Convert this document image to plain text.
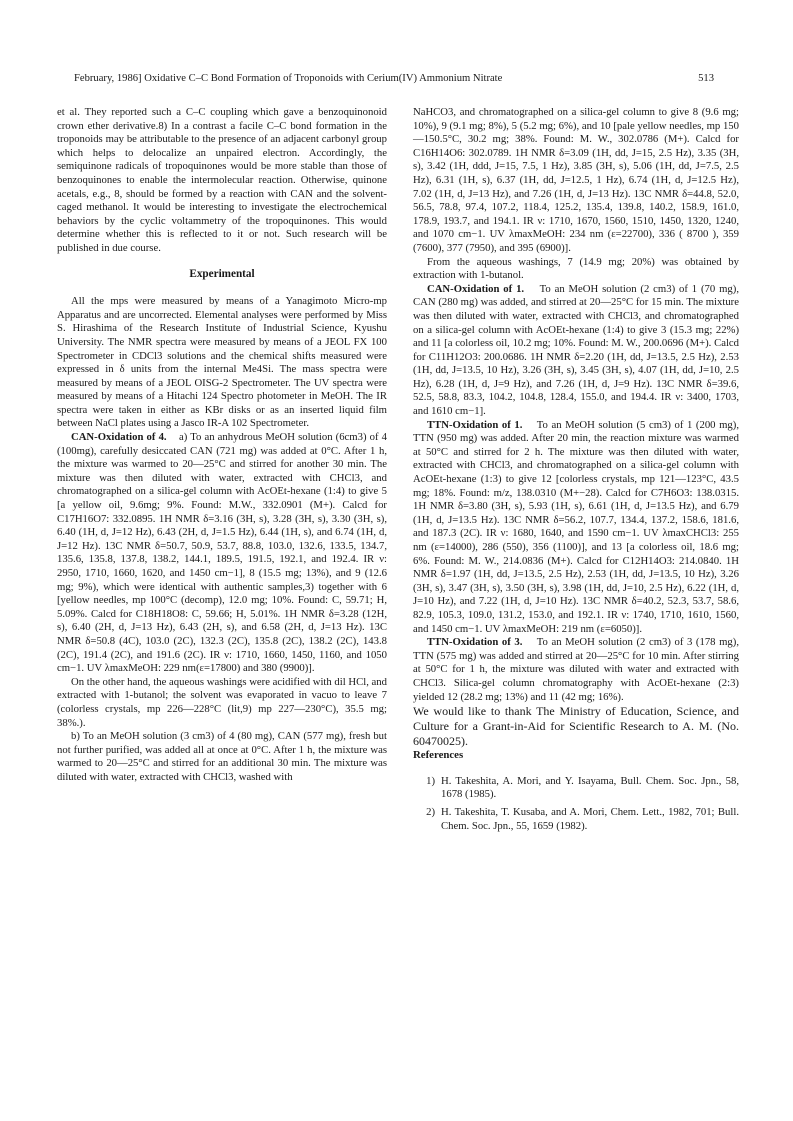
February, 1986] Oxidative C–C Bond Formation of Troponoids with Cerium(IV) Ammonium Nitrate	513

et al. They reported such a C–C coupling which gave a benzoquinonoid crown ether derivative.8) In a contrast a facile C–C bond formation in the troponoids may be attributable to the presence of an adjacent carbonyl group which helps to delocalize an unpaired electron. Accordingly, the semiquinone radicals of tropoquinones would be more stable than those of benzoquinones to enable the intermolecular reaction. Otherwise, quinone acetals, e.g., 8, should be formed by a reaction with CAN and the solvent-caged methanol. It would be interesting to investigate the electrochemical behaviors by the cyclic voltammetry of the tropoquinones. This would determine whether this is reflected to it or not. Such research will be published in due course.

Experimental

All the mps were measured by means of a Yanagimoto Micro-mp Apparatus and are uncorrected. Elemental analyses were performed by Miss S. Hirashima of the Research Institute of Industrial Science, Kyushu University. The NMR spectra were measured by means of a JEOL FX 100 Spectrometer in CDCl3 solutions and the chemical shifts measured were expressed in δ units from the internal Me4Si. The mass spectra were measured by means of a JEOL OISG-2 Spectrometer. The UV spectra were measured by means of a Hitachi 124 Spectro photometer in MeOH. The IR spectra were taken in either as KBr disks or as an inserted liquid film between NaCl plates using a Jasco IR-A 102 Spectrometer.

CAN-Oxidation of 4. a) To an anhydrous MeOH solution (6cm3) of 4 (100mg), carefully desiccated CAN (721 mg) was added at 0°C. After 1 h, the mixture was warmed to 20—25°C and stirred for another 30 min. The mixture was then diluted with water, extracted with CHCl3, and chromatographed on a silica-gel column with AcOEt-hexane (1:4) to give 5 [a yellow oil, 9.6mg; 9%. Found: M.W., 332.0901 (M+). Calcd for C17H16O7: 332.0895. 1H NMR δ=3.16 (3H, s), 3.28 (3H, s), 3.30 (3H, s), 6.40 (1H, d, J=12 Hz), 6.43 (2H, d, J=1.5 Hz), 6.44 (1H, s), and 6.74 (1H, d, J=12 Hz). 13C NMR δ=50.7, 50.9, 53.7, 88.8, 103.0, 132.6, 133.5, 134.7, 135.6, 135.8, 137.8, 138.2, 144.1, 189.5, 191.5, 192.1, and 192.4. IR ν: 2950, 1710, 1660, 1620, and 1450 cm−1], 8 (15.5 mg; 13%), and 9 (12.6 mg; 9%), which were identical with authentic samples,3) together with 6 [yellow needles, mp 100°C (decomp), 12.0 mg; 10%. Found: C, 59.71; H, 5.09%. Calcd for C18H18O8: C, 59.66; H, 5.01%. 1H NMR δ=3.28 (12H, s), 6.40 (2H, d, J=13 Hz), 6.43 (2H, s), and 6.58 (2H, d, J=13 Hz). 13C NMR δ=50.8 (4C), 103.0 (2C), 132.3 (2C), 135.8 (2C), 138.2 (2C), 143.8 (2C), 191.4 (2C), and 191.6 (2C). IR ν: 1710, 1660, 1450, 1160, and 1050 cm−1. UV λmaxMeOH: 229 nm(ε=17800) and 380 (9900)].

On the other hand, the aqueous washings were acidified with dil HCl, and extracted with 1-butanol; the solvent was evaporated in vacuo to leave 7 (colorless crystals, mp 226—228°C (lit,9) mp 227—230°C), 35.5 mg; 38%.).

b) To an MeOH solution (3 cm3) of 4 (80 mg), CAN (577 mg), fresh but not further purified, was added all at once at 0°C. After 1 h, the mixture was warmed to 20—25°C and stirred for an additional 30 min. The mixture was diluted with water, extracted with CHCl3, washed with

NaHCO3, and chromatographed on a silica-gel column to give 8 (9.6 mg; 10%), 9 (9.1 mg; 8%), 5 (5.2 mg; 6%), and 10 [pale yellow needles, mp 150—150.5°C, 30.2 mg; 38%. Found: M. W., 302.0786 (M+). Calcd for C16H14O6: 302.0789. 1H NMR δ=3.09 (1H, dd, J=15, 2.5 Hz), 3.35 (3H, s), 3.42 (1H, ddd, J=15, 7.5, 1 Hz), 3.85 (3H, s), 5.06 (1H, dd, J=7.5, 2.5 Hz), 6.31 (1H, s), 6.37 (1H, dd, J=12.5, 1 Hz), 6.74 (1H, d, J=12.5 Hz), 7.02 (1H, d, J=13 Hz), and 7.26 (1H, d, J=13 Hz). 13C NMR δ=44.8, 52.0, 56.5, 78.8, 97.4, 107.2, 118.4, 125.2, 135.4, 139.8, 140.2, 158.9, 161.0, 178.9, 193.7, and 194.1. IR ν: 1710, 1670, 1560, 1510, 1450, 1320, 1240, and 1070 cm−1. UV λmaxMeOH: 234 nm (ε=22700), 336 ( 8700 ), 359 (7600), 377 (7950), and 395 (6900)].

From the aqueous washings, 7 (14.9 mg; 20%) was obtained by extraction with 1-butanol.

CAN-Oxidation of 1. To an MeOH solution (2 cm3) of 1 (70 mg), CAN (280 mg) was added, and stirred at 20—25°C for 15 min. The mixture was then diluted with water, extracted with CHCl3, and chromatographed on a silica-gel column with AcOEt-hexane (1:4) to give 3 (15.3 mg; 22%) and 11 [a colorless oil, 10.2 mg; 10%. Found: M. W., 200.0696 (M+). Calcd for C11H12O3: 200.0686. 1H NMR δ=2.20 (1H, dd, J=13.5, 2.5 Hz), 2.53 (1H, dd, J=13.5, 10 Hz), 3.26 (3H, s), 3.45 (3H, s), 4.07 (1H, dd, J=10, 2.5 Hz), 6.28 (1H, d, J=9 Hz), and 7.26 (1H, d, J=9 Hz). 13C NMR δ=39.6, 52.5, 58.8, 83.3, 104.2, 104.8, 128.4, 155.0, and 194.4. IR ν: 3400, 1703, and 1610 cm−1].

TTN-Oxidation of 1. To an MeOH solution (5 cm3) of 1 (200 mg), TTN (950 mg) was added. After 20 min, the reaction mixture was warmed at 50°C and stirred for 2 h. The mixture was then diluted with water, extracted with CHCl3, and chromatographed on a silica-gel column with AcOEt-hexane (1:3) to give 12 [colorless crystals, mp 121—123°C, 43.5 mg; 18%. Found: m/z, 138.0310 (M+−28). Calcd for C7H6O3: 138.0315. 1H NMR δ=3.80 (3H, s), 5.93 (1H, s), 6.61 (1H, d, J=13.5 Hz), and 6.79 (1H, d, J=13.5 Hz). 13C NMR δ=56.2, 107.7, 134.4, 137.2, 158.6, 181.6, and 187.3 (2C). IR ν: 1680, 1640, and 1590 cm−1. UV λmaxCHCl3: 255 nm (ε=14000), 286 (550), 356 (1100)], and 13 [a colorless oil, 18.6 mg; 6%. Found: M. W., 214.0836 (M+). Calcd for C12H14O3: 214.0840. 1H NMR δ=1.97 (1H, dd, J=13.5, 2.5 Hz), 2.53 (1H, dd, J=13.5, 10 Hz), 3.26 (3H, s), 3.47 (3H, s), 3.50 (3H, s), 3.98 (1H, dd, J=10, 2.5 Hz), 6.22 (1H, d, J=10 Hz), and 7.22 (1H, d, J=10 Hz). 13C NMR δ=40.2, 52.3, 53.7, 58.6, 82.9, 105.3, 109.0, 131.2, 153.0, and 192.1. IR ν: 1740, 1710, 1610, 1560, and 1450 cm−1. UV λmaxMeOH: 219 nm (ε=6050)].

TTN-Oxidation of 3. To an MeOH solution (2 cm3) of 3 (178 mg), TTN (575 mg) was added and stirred at 20—25°C for 10 min. After stirring at 50°C for 1 h, the mixture was diluted with water and extracted with CHCl3. Silica-gel column chromatography with AcOEt-hexane (2:3) yielded 12 (28.2 mg; 13%) and 11 (42 mg; 16%).

We would like to thank The Ministry of Education, Science, and Culture for a Grant-in-Aid for Scientific Research to A. M. (No. 60470025).

References
1) H. Takeshita, A. Mori, and Y. Isayama, Bull. Chem. Soc. Jpn., 58, 1678 (1985).
2) H. Takeshita, T. Kusaba, and A. Mori, Chem. Lett., 1982, 701; Bull. Chem. Soc. Jpn., 55, 1659 (1982).
